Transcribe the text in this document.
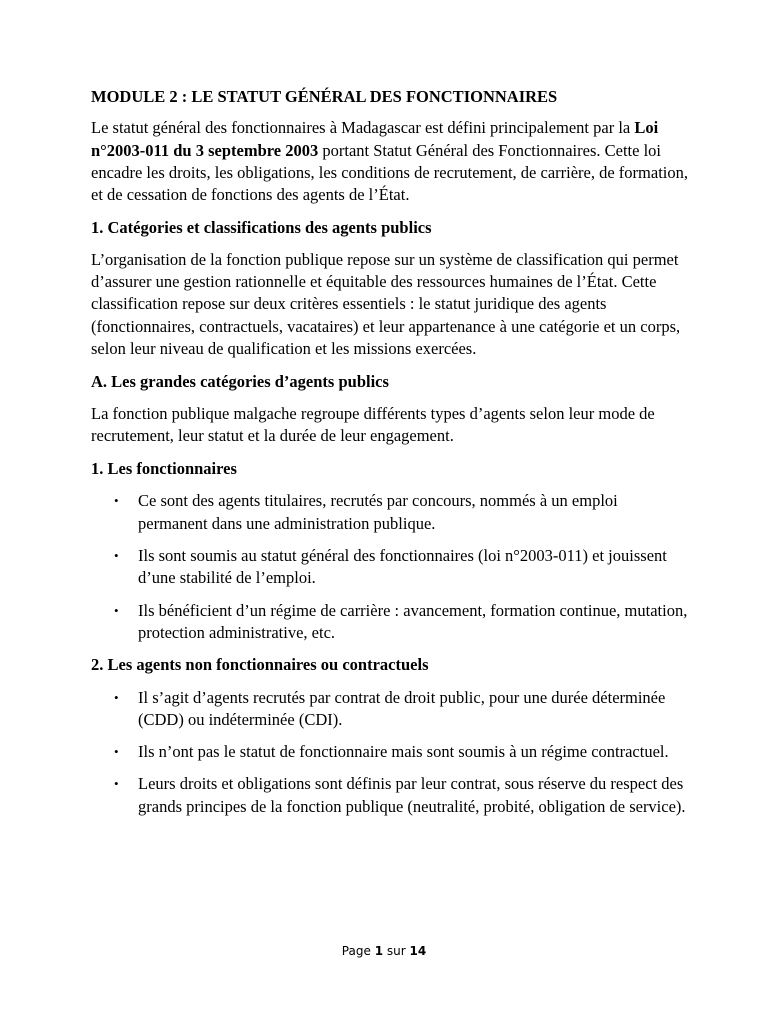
MODULE 2 : LE STATUT GÉNÉRAL DES FONCTIONNAIRES

Le statut général des fonctionnaires à Madagascar est défini principalement par la Loi n°2003-011 du 3 septembre 2003 portant Statut Général des Fonctionnaires. Cette loi encadre les droits, les obligations, les conditions de recrutement, de carrière, de formation, et de cessation de fonctions des agents de l’État.

1. Catégories et classifications des agents publics

L’organisation de la fonction publique repose sur un système de classification qui permet d’assurer une gestion rationnelle et équitable des ressources humaines de l’État. Cette classification repose sur deux critères essentiels : le statut juridique des agents (fonctionnaires, contractuels, vacataires) et leur appartenance à une catégorie et un corps, selon leur niveau de qualification et les missions exercées.

A. Les grandes catégories d’agents publics

La fonction publique malgache regroupe différents types d’agents selon leur mode de recrutement, leur statut et la durée de leur engagement.

1. Les fonctionnaires
• Ce sont des agents titulaires, recrutés par concours, nommés à un emploi permanent dans une administration publique.
• Ils sont soumis au statut général des fonctionnaires (loi n°2003-011) et jouissent d’une stabilité de l’emploi.
• Ils bénéficient d’un régime de carrière : avancement, formation continue, mutation, protection administrative, etc.
2. Les agents non fonctionnaires ou contractuels
• Il s’agit d’agents recrutés par contrat de droit public, pour une durée déterminée (CDD) ou indéterminée (CDI).
• Ils n’ont pas le statut de fonctionnaire mais sont soumis à un régime contractuel.
• Leurs droits et obligations sont définis par leur contrat, sous réserve du respect des grands principes de la fonction publique (neutralité, probité, obligation de service).
Page 1 sur 14
